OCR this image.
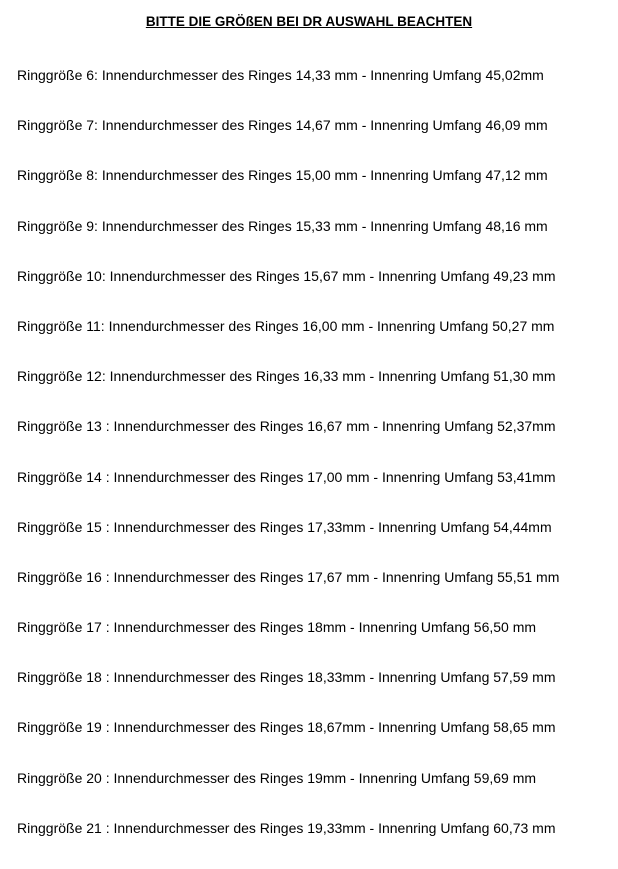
BITTE DIE GRÖßEN BEI DR AUSWAHL BEACHTEN
Ringgröße 6: Innendurchmesser des Ringes 14,33 mm - Innenring Umfang 45,02mm
Ringgröße 7: Innendurchmesser des Ringes 14,67 mm - Innenring Umfang 46,09 mm
Ringgröße 8: Innendurchmesser des Ringes 15,00 mm - Innenring Umfang 47,12 mm
Ringgröße 9: Innendurchmesser des Ringes 15,33 mm - Innenring Umfang 48,16 mm
Ringgröße 10: Innendurchmesser des Ringes 15,67 mm - Innenring Umfang 49,23 mm
Ringgröße 11: Innendurchmesser des Ringes 16,00 mm - Innenring Umfang 50,27 mm
Ringgröße 12: Innendurchmesser des Ringes 16,33 mm - Innenring Umfang 51,30 mm
Ringgröße 13 : Innendurchmesser des Ringes 16,67 mm - Innenring Umfang 52,37mm
Ringgröße 14 : Innendurchmesser des Ringes 17,00 mm - Innenring Umfang 53,41mm
Ringgröße 15 : Innendurchmesser des Ringes 17,33mm - Innenring Umfang 54,44mm
Ringgröße 16 : Innendurchmesser des Ringes 17,67 mm - Innenring Umfang 55,51 mm
Ringgröße 17 : Innendurchmesser des Ringes 18mm - Innenring Umfang 56,50 mm
Ringgröße 18 : Innendurchmesser des Ringes 18,33mm - Innenring Umfang 57,59 mm
Ringgröße 19 : Innendurchmesser des Ringes 18,67mm - Innenring Umfang 58,65 mm
Ringgröße 20 : Innendurchmesser des Ringes 19mm - Innenring Umfang 59,69 mm
Ringgröße 21 : Innendurchmesser des Ringes 19,33mm - Innenring Umfang 60,73 mm
